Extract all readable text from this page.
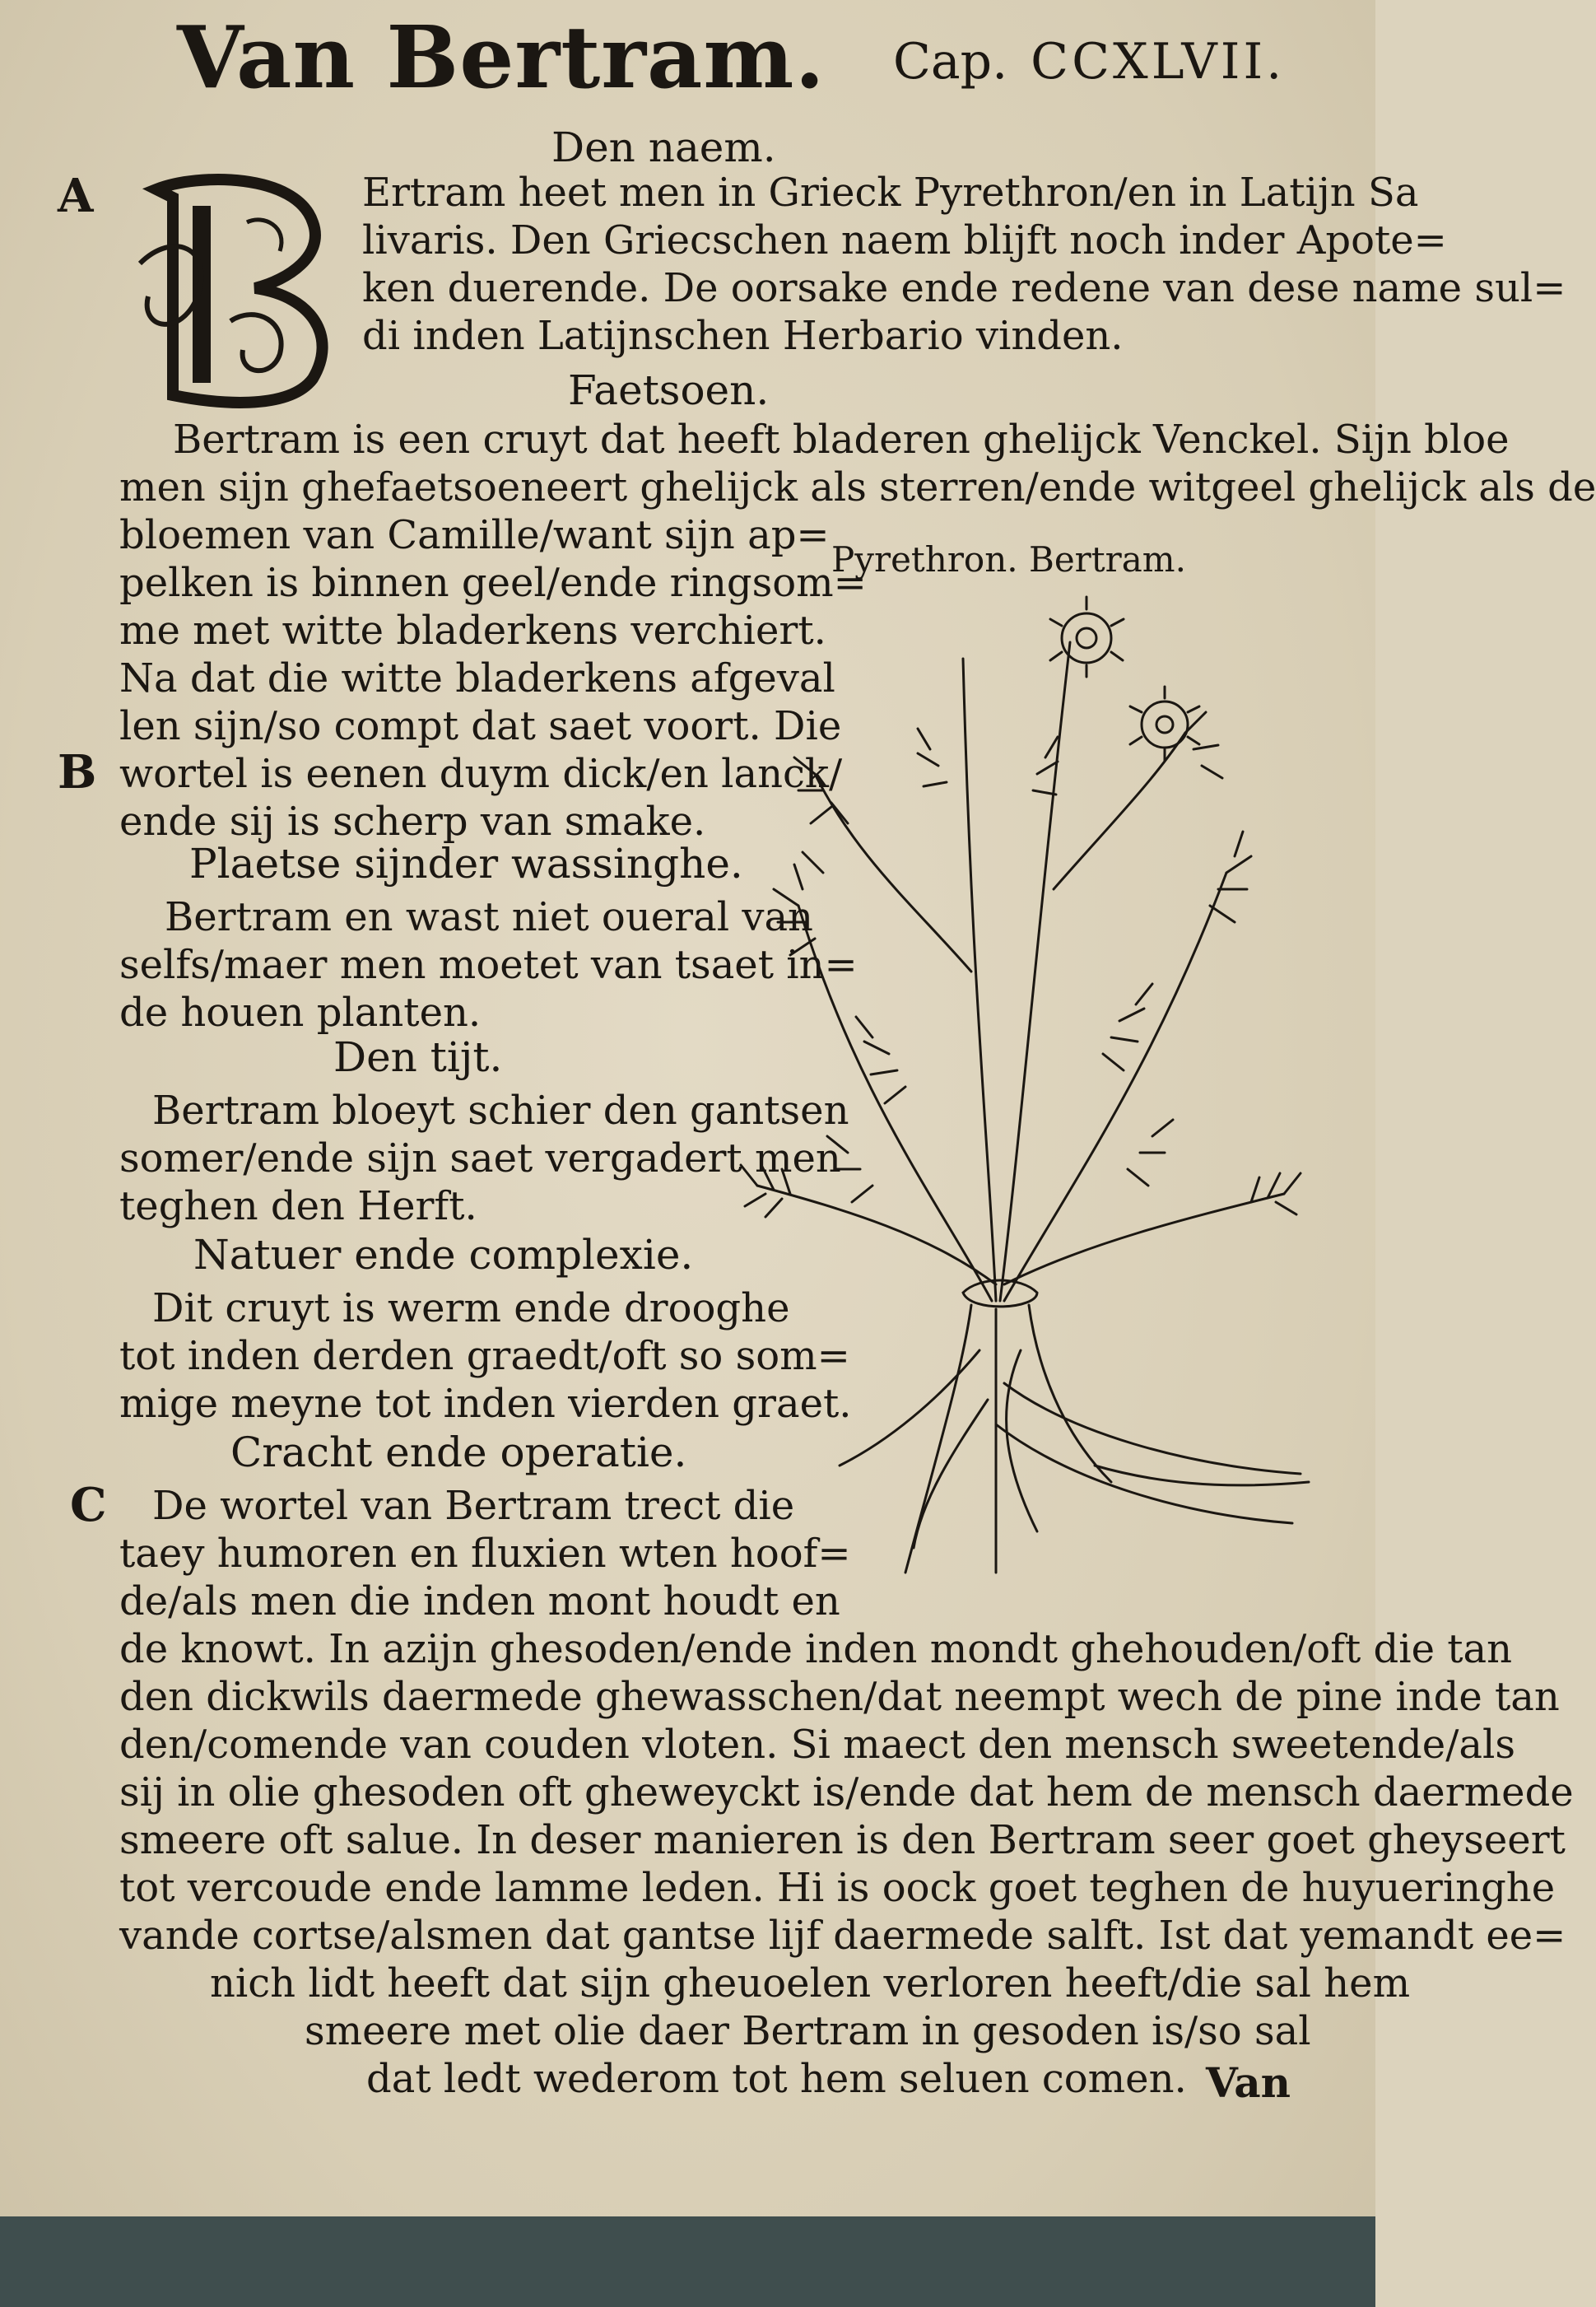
Van Bertram. Cap. CCXLVII.
Den naem.
A	Ertram heet men in Grieck Pyrethron/en in Latijn Sa
livaris. Den Griecschen naem blijft noch inder Apote=
ken duerende. De oorsake ende redene van dese name sul=
di inden Latijnschen Herbario vinden.
Faetsoen.
Bertram is een cruyt dat heeft bladeren ghelijck Venckel. Sijn bloe
men sijn ghefaetsoeneert ghelijck als sterren/ende witgeel ghelijck als de
bloemen van Camille/want sijn ap=
pelken is binnen geel/ende ringsom=
me met witte bladerkens verchiert.
Na dat die witte bladerkens afgeval
len sijn/so compt dat saet voort. Die
B wortel is eenen duym dick/en lanck/
ende sij is scherp van smake.
Plaetse sijnder wassinghe.
Bertram en wast niet oueral van
selfs/maer men moetet van tsaet in=
de houen planten.
Den tijt.
Bertram bloeyt schier den gantsen
somer/ende sijn saet vergadert men
teghen den Herft.
Natuer ende complexie.
Dit cruyt is werm ende drooghe
tot inden derden graedt/oft so som=
mige meyne tot inden vierden graet.
Cracht ende operatie.
C De wortel van Bertram trect die
taey humoren en fluxien wten hoof=
de/als men die inden mont houdt en
de knowt. In azijn ghesoden/ende inden mondt ghehouden/oft die tan
den dickwils daermede ghewasschen/dat neempt wech de pine inde tan
den/comende van couden vloten. Si maect den mensch sweetende/als
sij in olie ghesoden oft gheweyckt is/ende dat hem de mensch daermede
smeere oft salue. In deser manieren is den Bertram seer goet gheyseert
tot vercoude ende lamme leden. Hi is oock goet teghen de huyueringhe
vande cortse/alsmen dat gantse lijf daermede salft. Ist dat yemandt ee=
nich lidt heeft dat sijn gheuoelen verloren heeft/die sal hem
smeere met olie daer Bertram in gesoden is/so sal
dat ledt wederom tot hem seluen comen.
Pyrethron. Bertram.
Van
